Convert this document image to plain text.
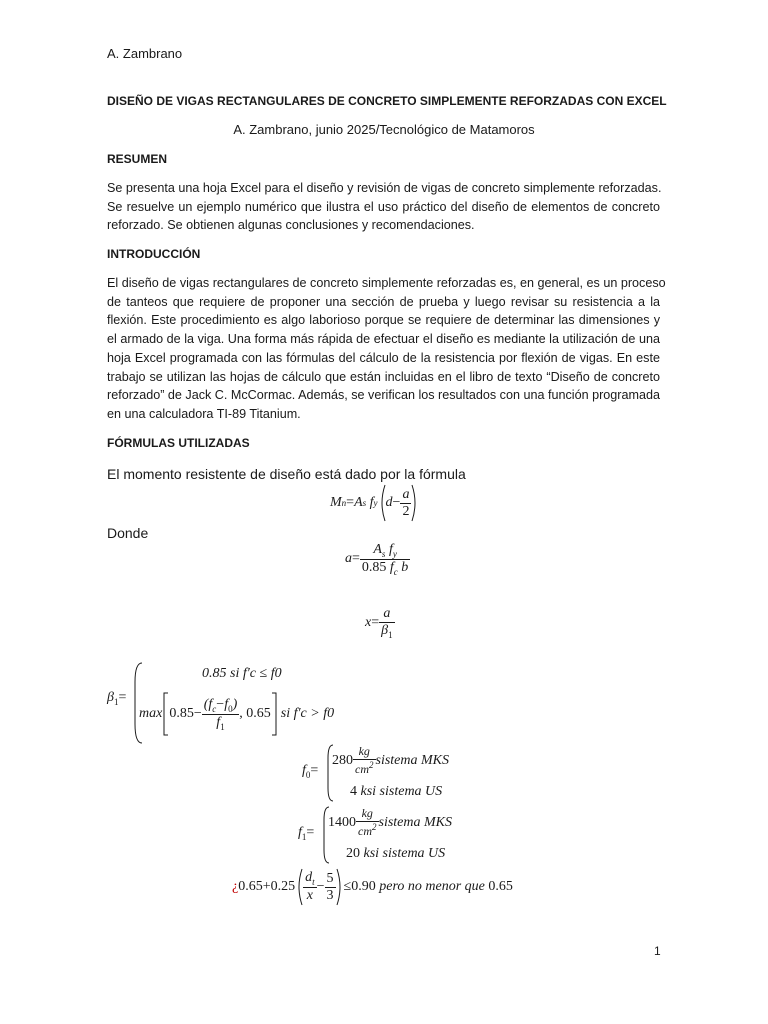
A. Zambrano
DISEÑO DE VIGAS RECTANGULARES DE CONCRETO SIMPLEMENTE REFORZADAS CON EXCEL
A. Zambrano, junio 2025/Tecnológico de Matamoros
RESUMEN
Se presenta una hoja Excel para el diseño y revisión de vigas de concreto simplemente reforzadas.
Se resuelve un ejemplo numérico que ilustra el uso práctico del diseño de elementos de concreto
reforzado. Se obtienen algunas conclusiones y recomendaciones.
INTRODUCCIÓN
El diseño de vigas rectangulares de concreto simplemente reforzadas es, en general, es un proceso
de tanteos que requiere de proponer una sección de prueba y luego revisar su resistencia a la
flexión. Este procedimiento es algo laborioso porque se requiere de determinar las dimensiones y
el armado de la viga. Una forma más rápida de efectuar el diseño es mediante la utilización de una
hoja Excel programada con las fórmulas del cálculo de la resistencia por flexión de vigas. En este
trabajo se utilizan las hojas de cálculo que están incluidas en el libro de texto “Diseño de concreto
reforzado” de Jack C. McCormac. Además, se verifican los resultados con una función programada
en una calculadora TI-89 Titanium.
FÓRMULAS UTILIZADAS
El momento resistente de diseño está dado por la fórmula
M n = A s f y $d - \frac{a}{2}$
Donde
$a = \frac{A_s f_y}{0.85 f_c b}$
$x = \frac{a}{\beta_1}$
$\beta_1=$
0.85 si f′c ≤ f0
$\max 0.85- \frac{(f_c-f_0)}{f_1}$ , 0.65 si f′c > f0
$f_0=$
$280 \frac{kg}{cm^2}$ sistema MKS
4
ksi sistema US
$f_1=$
$1400 \frac{kg}{cm^2}$ sistema MKS
20
ksi sistema US
¿ $0.65+0.25 \frac{d_t}{x} - \frac{5}{3} \le 0.90$
pero no menor que
0.65
1
